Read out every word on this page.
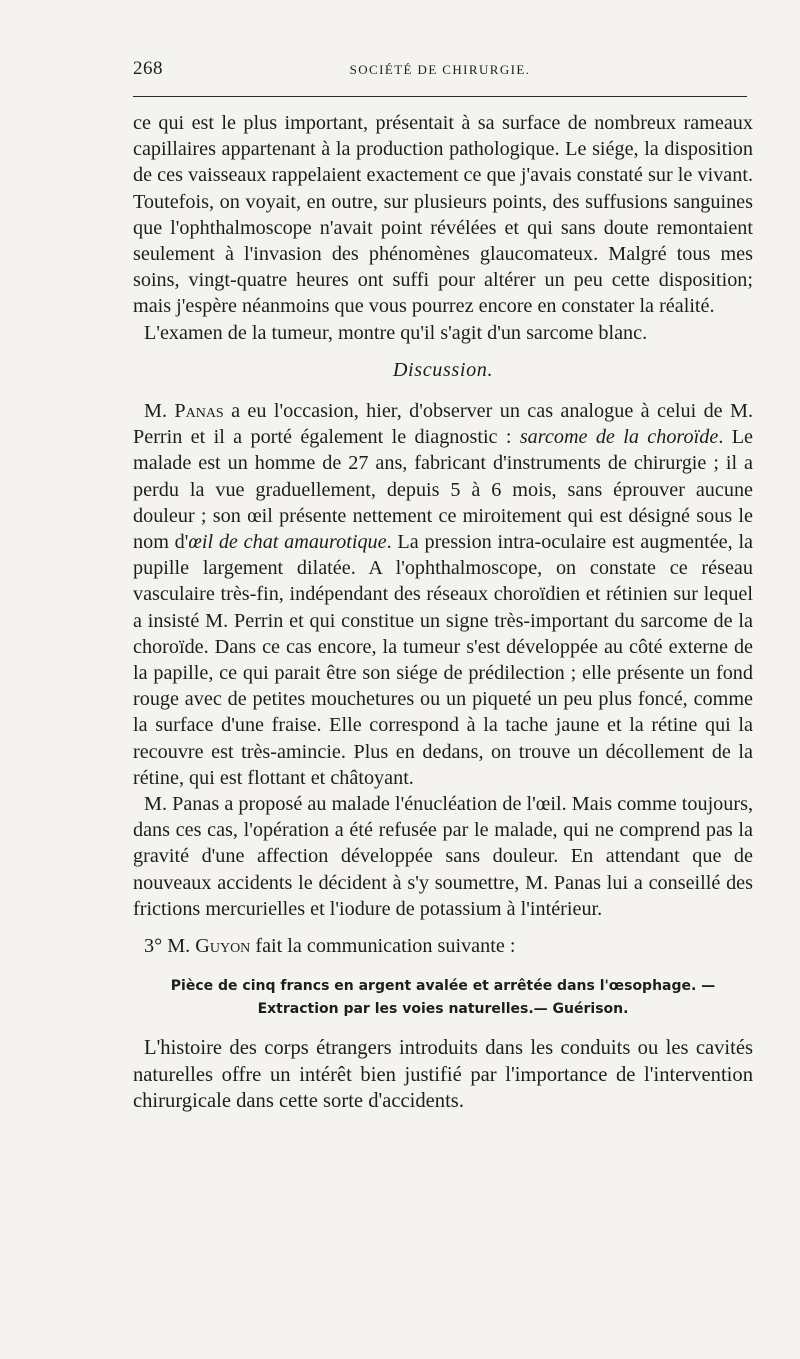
268	SOCIÉTÉ DE CHIRURGIE.

ce qui est le plus important, présentait à sa surface de nombreux rameaux capillaires appartenant à la production pathologique. Le siége, la disposition de ces vaisseaux rappelaient exactement ce que j'avais constaté sur le vivant. Toutefois, on voyait, en outre, sur plusieurs points, des suffusions sanguines que l'ophthalmoscope n'avait point révélées et qui sans doute remontaient seulement à l'invasion des phénomènes glaucomateux. Malgré tous mes soins, vingt-quatre heures ont suffi pour altérer un peu cette disposition; mais j'espère néanmoins que vous pourrez encore en constater la réalité.

L'examen de la tumeur, montre qu'il s'agit d'un sarcome blanc.

Discussion.

M. Panas a eu l'occasion, hier, d'observer un cas analogue à celui de M. Perrin et il a porté également le diagnostic : sarcome de la choroïde. Le malade est un homme de 27 ans, fabricant d'instruments de chirurgie ; il a perdu la vue graduellement, depuis 5 à 6 mois, sans éprouver aucune douleur ; son œil présente nettement ce miroitement qui est désigné sous le nom d'œil de chat amaurotique. La pression intra-oculaire est augmentée, la pupille largement dilatée. A l'ophthalmoscope, on constate ce réseau vasculaire très-fin, indépendant des réseaux choroïdien et rétinien sur lequel a insisté M. Perrin et qui constitue un signe très-important du sarcome de la choroïde. Dans ce cas encore, la tumeur s'est développée au côté externe de la papille, ce qui parait être son siége de prédilection ; elle présente un fond rouge avec de petites mouchetures ou un piqueté un peu plus foncé, comme la surface d'une fraise. Elle correspond à la tache jaune et la rétine qui la recouvre est très-amincie. Plus en dedans, on trouve un décollement de la rétine, qui est flottant et châtoyant.

M. Panas a proposé au malade l'énucléation de l'œil. Mais comme toujours, dans ces cas, l'opération a été refusée par le malade, qui ne comprend pas la gravité d'une affection développée sans douleur. En attendant que de nouveaux accidents le décident à s'y soumettre, M. Panas lui a conseillé des frictions mercurielles et l'iodure de potassium à l'intérieur.

3° M. Guyon fait la communication suivante :

Pièce de cinq francs en argent avalée et arrêtée dans l'œsophage. —
Extraction par les voies naturelles.— Guérison.

L'histoire des corps étrangers introduits dans les conduits ou les cavités naturelles offre un intérêt bien justifié par l'importance de l'intervention chirurgicale dans cette sorte d'accidents.
